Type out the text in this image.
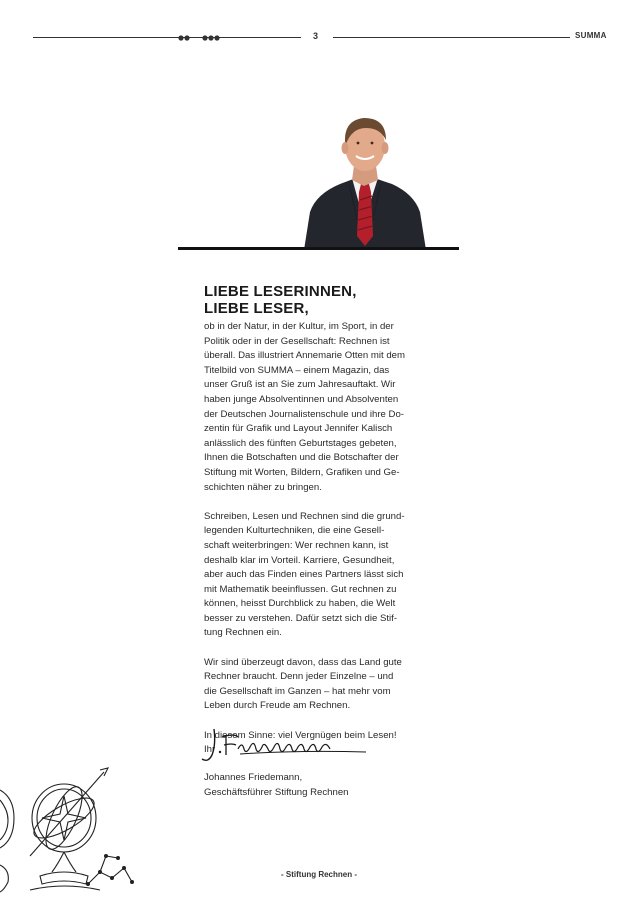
3	SUMMA
LIEBE LESERINNEN,
LIEBE LESER,

ob in der Natur, in der Kultur, im Sport, in der
Politik oder in der Gesellschaft: Rechnen ist
überall. Das illustriert Annemarie Otten mit dem
Titelbild von SUMMA – einem Magazin, das
unser Gruß ist an Sie zum Jahresauftakt. Wir
haben junge Absolventinnen und Absolventen
der Deutschen Journalistenschule und ihre Do-
zentin für Grafik und Layout Jennifer Kalisch
anlässlich des fünften Geburtstages gebeten,
Ihnen die Botschaften und die Botschafter der
Stiftung mit Worten, Bildern, Grafiken und Ge-
schichten näher zu bringen.

Schreiben, Lesen und Rechnen sind die grund-
legenden Kulturtechniken, die eine Gesell-
schaft weiterbringen: Wer rechnen kann, ist
deshalb klar im Vorteil. Karriere, Gesundheit,
aber auch das Finden eines Partners lässt sich
mit Mathematik beeinflussen. Gut rechnen zu
können, heisst Durchblick zu haben, die Welt
besser zu verstehen. Dafür setzt sich die Stif-
tung Rechnen ein.

Wir sind überzeugt davon, dass das Land gute
Rechner braucht. Denn jeder Einzelne – und
die Gesellschaft im Ganzen – hat mehr vom
Leben durch Freude am Rechnen.

In diesem Sinne: viel Vergnügen beim Lesen!
Ihr

Johannes Friedemann,
Geschäftsführer Stiftung Rechnen
- Stiftung Rechnen -
